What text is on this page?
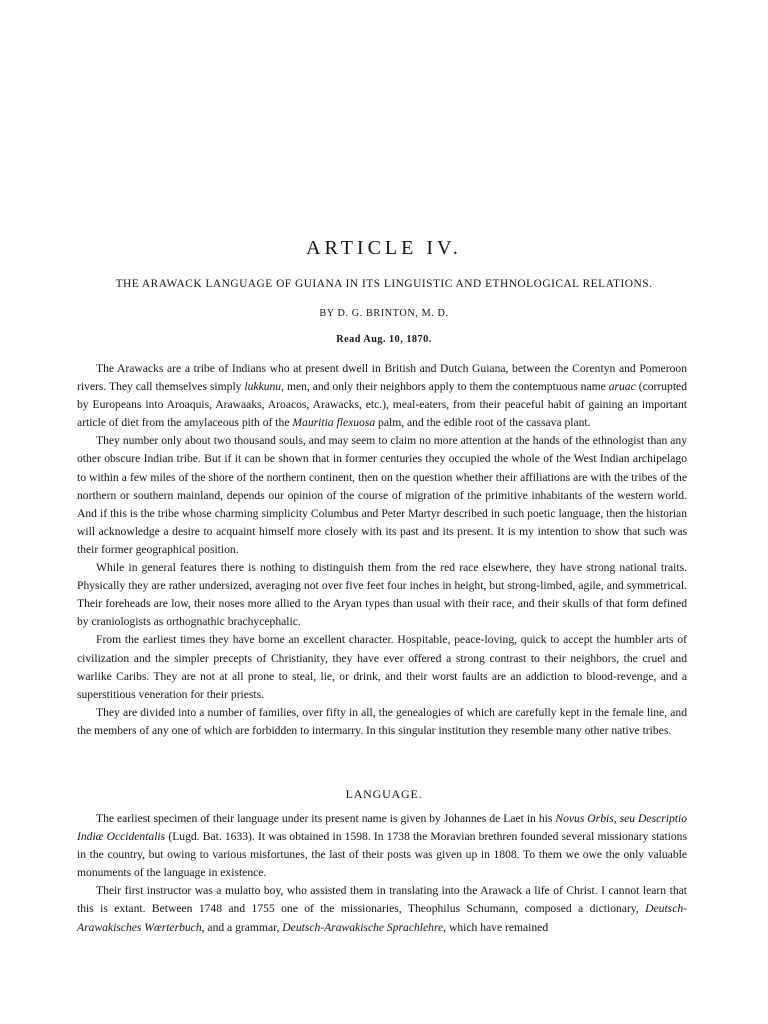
ARTICLE IV.
THE ARAWACK LANGUAGE OF GUIANA IN ITS LINGUISTIC AND ETHNOLOGICAL RELATIONS.
BY D. G. BRINTON, M. D.
Read Aug. 10, 1870.

The Arawacks are a tribe of Indians who at present dwell in British and Dutch Guiana, between the Corentyn and Pomeroon rivers. They call themselves simply lukkunu, men, and only their neighbors apply to them the contemptuous name aruac (corrupted by Europeans into Aroaquis, Arawaaks, Aroacos, Arawacks, etc.), meal-eaters, from their peaceful habit of gaining an important article of diet from the amylaceous pith of the Mauritia flexuosa palm, and the edible root of the cassava plant.

They number only about two thousand souls, and may seem to claim no more attention at the hands of the ethnologist than any other obscure Indian tribe. But if it can be shown that in former centuries they occupied the whole of the West Indian archipelago to within a few miles of the shore of the northern continent, then on the question whether their affiliations are with the tribes of the northern or southern mainland, depends our opinion of the course of migration of the primitive inhabitants of the western world. And if this is the tribe whose charming simplicity Columbus and Peter Martyr described in such poetic language, then the historian will acknowledge a desire to acquaint himself more closely with its past and its present. It is my intention to show that such was their former geographical position.

While in general features there is nothing to distinguish them from the red race elsewhere, they have strong national traits. Physically they are rather undersized, averaging not over five feet four inches in height, but strong-limbed, agile, and symmetrical. Their foreheads are low, their noses more allied to the Aryan types than usual with their race, and their skulls of that form defined by craniologists as orthognathic brachycephalic.

From the earliest times they have borne an excellent character. Hospitable, peace-loving, quick to accept the humbler arts of civilization and the simpler precepts of Christianity, they have ever offered a strong contrast to their neighbors, the cruel and warlike Caribs. They are not at all prone to steal, lie, or drink, and their worst faults are an addiction to blood-revenge, and a superstitious veneration for their priests.

They are divided into a number of families, over fifty in all, the genealogies of which are carefully kept in the female line, and the members of any one of which are forbidden to intermarry. In this singular institution they resemble many other native tribes.

LANGUAGE.

The earliest specimen of their language under its present name is given by Johannes de Laet in his Novus Orbis, seu Descriptio Indiæ Occidentalis (Lugd. Bat. 1633). It was obtained in 1598. In 1738 the Moravian brethren founded several missionary stations in the country, but owing to various misfortunes, the last of their posts was given up in 1808. To them we owe the only valuable monuments of the language in existence.

Their first instructor was a mulatto boy, who assisted them in translating into the Arawack a life of Christ. I cannot learn that this is extant. Between 1748 and 1755 one of the missionaries, Theophilus Schumann, composed a dictionary, Deutsch-Arawakisches Wœrterbuch, and a grammar, Deutsch-Arawakische Sprachlehre, which have remained
